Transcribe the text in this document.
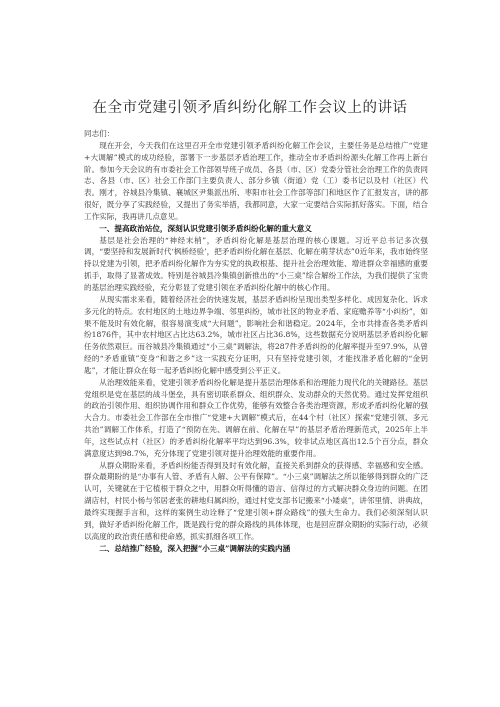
在全市党建引领矛盾纠纷化解工作会议上的讲话

同志们：

现在开会，今天我们在这里召开全市党建引领矛盾纠纷化解工作会议，主要任务是总结推广“党建+大调解”模式的成功经验，部署下一步基层矛盾治理工作，推动全市矛盾纠纷源头化解工作再上新台阶。参加今天会议的有市委社会工作部领导班子成员、各县（市、区）党委分管社会治理工作的负责同志、各县（市、区）社会工作部门主要负责人、部分乡镇（街道）党（工）委书记以及村（社区）代表。刚才，谷城县冷集镇、襄城区尹集派出所、枣阳市社会工作部等部门和地区作了汇报发言，讲的都很好，既分享了实践经验，又提出了务实举措，我都同意，大家一定要结合实际抓好落实。下面，结合工作实际，我再讲几点意见。

一、提高政治站位，深刻认识党建引领矛盾纠纷化解的重大意义

基层是社会治理的“神经末梢”，矛盾纠纷化解是基层治理的核心课题。习近平总书记多次强调，“要坚持和发展新时代‘枫桥经验’，把矛盾纠纷化解在基层、化解在萌芽状态”0近年来，我市始终坚持以党建为引领，把矛盾纠纷化解作为夯实党的执政根基、提升社会治理效能、增进群众幸福感的重要抓手，取得了显著成效。特别是谷城县冷集镇创新推出的“小三桌”综合解纷工作法，为我们提供了宝贵的基层治理实践经验，充分彰显了党建引领在矛盾纠纷化解中的核心作用。

从现实需求来看，随着经济社会的快速发展，基层矛盾纠纷呈现出类型多样化、成因复杂化、诉求多元化的特点。农村地区的土地边界争端、邻里纠纷，城市社区的物业矛盾、家庭赡养等“小纠纷”，如果不能及时有效化解，很容易演变成“大问题”，影响社会和谐稳定。2024年，全市共排查各类矛盾纠纷1876件，其中农村地区占比达63.2%，城市社区占比36.8%，这些数据充分说明基层矛盾纠纷化解任务依然艰巨。而谷城县冷集镇通过“小三桌”调解法，将287件矛盾纠纷的化解率提升至97.9%，从曾经的“矛盾重镇”变身“和谐之乡”这一实践充分证明，只有坚持党建引领，才能找准矛盾化解的“金钥匙”，才能让群众在每一起矛盾纠纷化解中感受到公平正义。

从治理效能来看，党建引领矛盾纠纷化解是提升基层治理体系和治理能力现代化的关键路径。基层党组织是党在基层的战斗堡垒，具有密切联系群众、组织群众、发动群众的天然优势。通过发挥党组织的政治引领作用、组织协调作用和群众工作优势，能够有效整合各类治理资源，形成矛盾纠纷化解的强大合力。市委社会工作部在全市推广“党建+大调解”模式后，在44个村（社区）探索“党建引领、多元共治”调解工作体系，打造了“预防在先、调解在前、化解在早”的基层矛盾治理新范式，2025年上半年，这些试点村（社区）的矛盾纠纷化解率平均达到96.3%，较非试点地区高出12.5个百分点，群众满意度达到98.7%，充分体现了党建引领对提升治理效能的重要作用。

从群众期盼来看，矛盾纠纷能否得到及时有效化解，直接关系到群众的获得感、幸福感和安全感。群众最期盼的是“办事有人管、矛盾有人解、公平有保障”。“小三桌”调解法之所以能够得到群众的广泛认可，关键就在于它植根于群众之中，用群众听得懂的语言、信得过的方式解决群众身边的问题。在团湖店村，村民小杨与邻居老张的耕地归属纠纷，通过村党支部书记搬来“小矮桌”，讲邻里情、讲典故，最终实现握手言和，这样的案例生动诠释了“党建引领+群众路线”的强大生命力。我们必须深刻认识到，做好矛盾纠纷化解工作，既是践行党的群众路线的具体体现，也是回应群众期盼的实际行动，必须以高度的政治责任感和使命感，抓实抓细各项工作。

二、总结推广经验，深入把握“小三桌”调解法的实践内涵
